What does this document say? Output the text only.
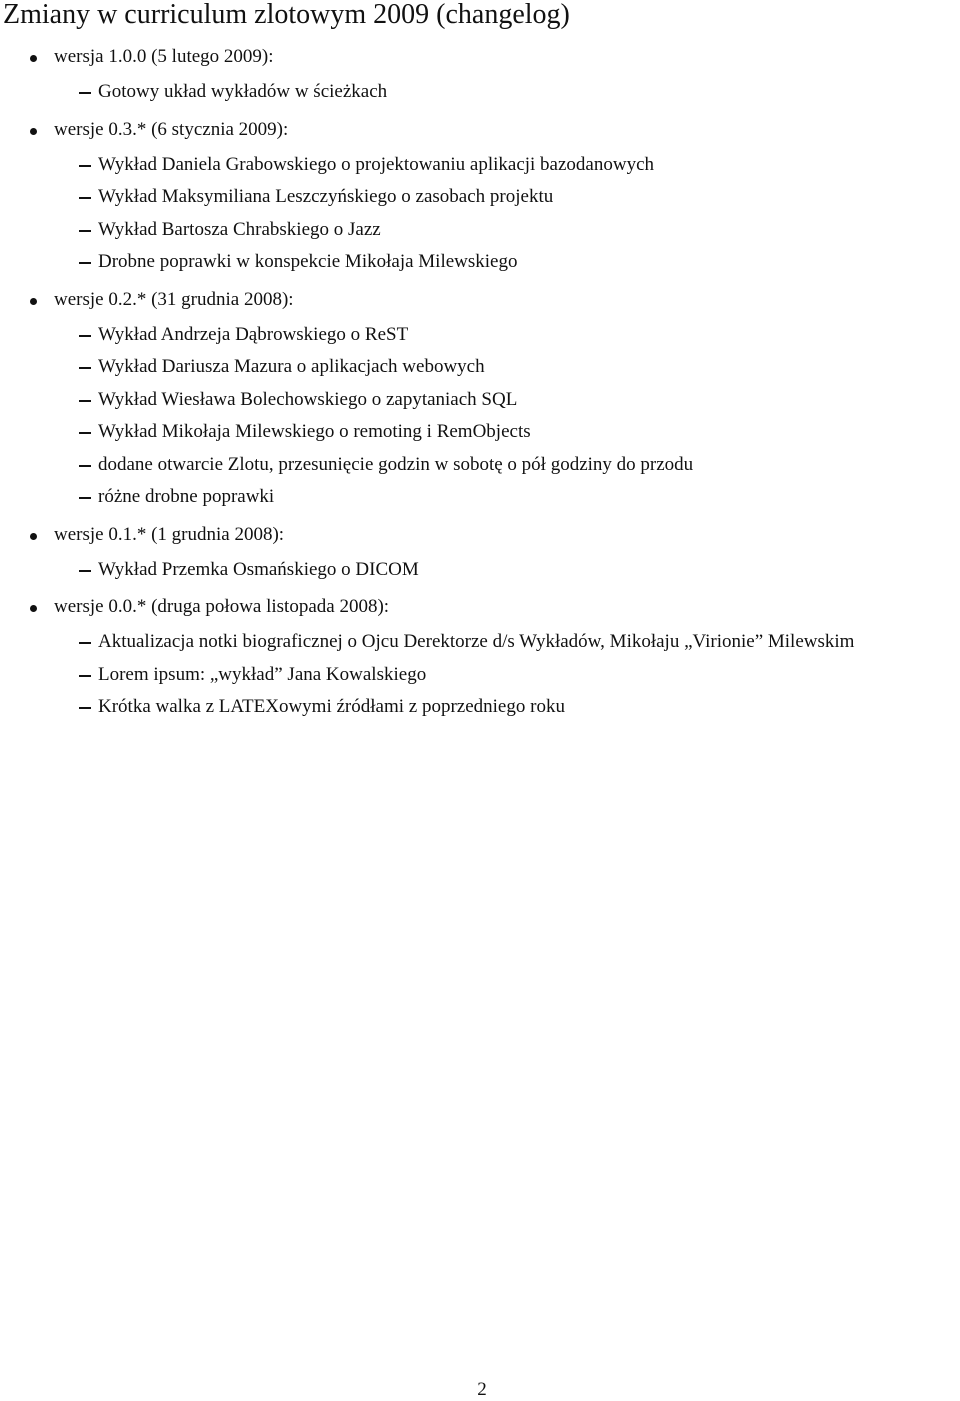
Zmiany w curriculum zlotowym 2009 (changelog)
wersja 1.0.0 (5 lutego 2009):
Gotowy układ wykładów w ścieżkach
wersje 0.3.* (6 stycznia 2009):
Wykład Daniela Grabowskiego o projektowaniu aplikacji bazodanowych
Wykład Maksymiliana Leszczyńskiego o zasobach projektu
Wykład Bartosza Chrabskiego o Jazz
Drobne poprawki w konspekcie Mikołaja Milewskiego
wersje 0.2.* (31 grudnia 2008):
Wykład Andrzeja Dąbrowskiego o ReST
Wykład Dariusza Mazura o aplikacjach webowych
Wykład Wiesława Bolechowskiego o zapytaniach SQL
Wykład Mikołaja Milewskiego o remoting i RemObjects
dodane otwarcie Zlotu, przesunięcie godzin w sobotę o pół godziny do przodu
różne drobne poprawki
wersje 0.1.* (1 grudnia 2008):
Wykład Przemka Osmańskiego o DICOM
wersje 0.0.* (druga połowa listopada 2008):
Aktualizacja notki biograficznej o Ojcu Derektorze d/s Wykładów, Mikołaju „Virionie” Milewskim
Lorem ipsum: „wykład” Jana Kowalskiego
Krótka walka z LATEXowymi źródłami z poprzedniego roku
2
